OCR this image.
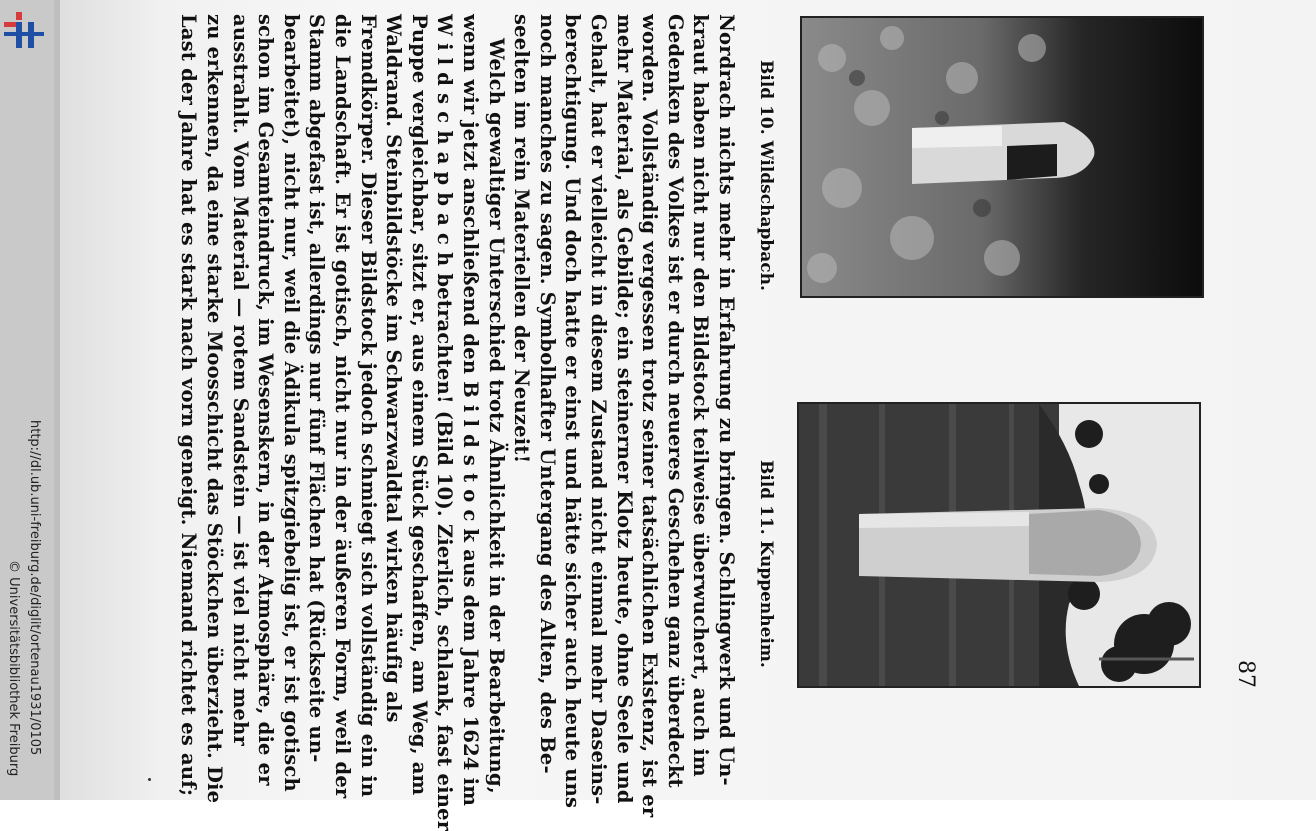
http://dl.ub.uni-freiburg.de/diglit/ortenau1931/0105
© Universitätsbibliothek Freiburg
Bild 10. Wildschapbach.
Bild 11. Kuppenheim.
87
Nordrach nichts mehr in Erfahrung zu bringen. Schlingwerk und Un-
kraut haben nicht nur den Bildstock teilweise überwuchert, auch im
Gedenken des Volkes ist er durch neueres Geschehen ganz überdeckt
worden. Vollständig vergessen trotz seiner tatsächlichen Existenz, ist er
mehr Material, als Gebilde; ein steinerner Klotz heute, ohne Seele und
Gehalt, hat er vielleicht in diesem Zustand nicht einmal mehr Daseins-
berechtigung. Und doch hatte er einst und hätte sicher auch heute uns
noch manches zu sagen. Symbolhafter Untergang des Alten, des Be-
seelten im rein Materiellen der Neuzeit!
Welch gewaltiger Unterschied trotz Ähnlichkeit in der Bearbeitung,
wenn wir jetzt anschließend den B i l d s t o c k aus dem Jahre 1624 im
W i l d s c h a p b a c h betrachten! (Bild 10). Zierlich, schlank, fast einer
Puppe vergleichbar, sitzt er, aus einem Stück geschaffen, am Weg, am
Waldrand. Steinbildstöcke im Schwarzwaldtal wirken häufig als
Fremdkörper. Dieser Bildstock jedoch schmiegt sich vollständig ein in
die Landschaft. Er ist gotisch, nicht nur in der äußeren Form, weil der
Stamm abgefast ist, allerdings nur fünf Flächen hat (Rückseite un-
bearbeitet), nicht nur, weil die Ädikula spitzgiebelig ist, er ist gotisch
schon im Gesamteindruck, im Wesenskern, in der Atmosphäre, die er
ausstrahlt. Vom Material — rotem Sandstein — ist viel nicht mehr
zu erkennen, da eine starke Moosschicht das Stöckchen überzieht. Die
Last der Jahre hat es stark nach vorn geneigt. Niemand richtet es auf;
